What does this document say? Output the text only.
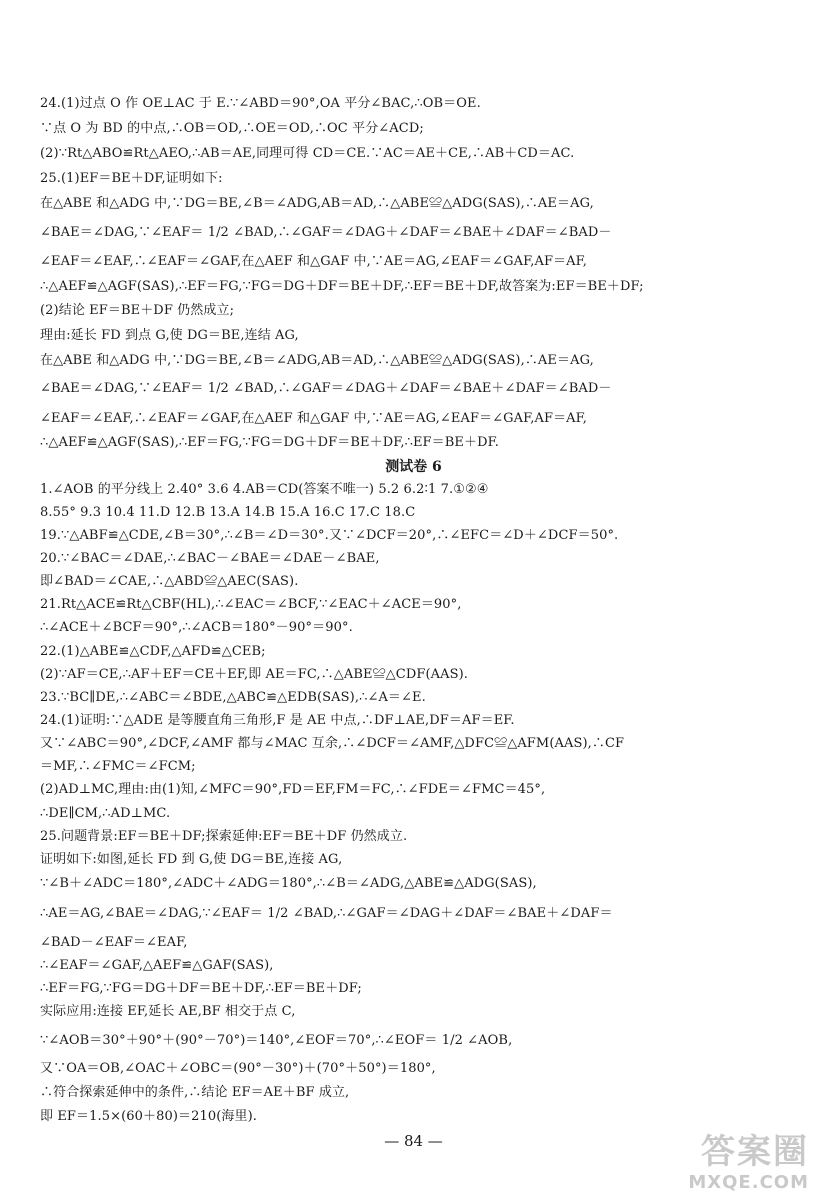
24.(1)过点 O 作 OE⊥AC 于 E.∵∠ABD＝90°,OA 平分∠BAC,∴OB＝OE.
∵点 O 为 BD 的中点,∴OB＝OD,∴OE＝OD,∴OC 平分∠ACD;
(2)∵Rt△ABO≌Rt△AEO,∴AB＝AE,同理可得 CD＝CE.∵AC＝AE＋CE,∴AB＋CD＝AC.
25.(1)EF＝BE＋DF,证明如下:
在△ABE 和△ADG 中,∵DG＝BE,∠B＝∠ADG,AB＝AD,∴△ABE≌△ADG(SAS),∴AE＝AG,
∠BAE＝∠DAG,∵∠EAF＝ 1/2 ∠BAD,∴∠GAF＝∠DAG＋∠DAF＝∠BAE＋∠DAF＝∠BAD－
∠EAF＝∠EAF,∴∠EAF＝∠GAF,在△AEF 和△GAF 中,∵AE＝AG,∠EAF＝∠GAF,AF＝AF,
∴△AEF≌△AGF(SAS),∴EF＝FG,∵FG＝DG＋DF＝BE＋DF,∴EF＝BE＋DF,故答案为:EF＝BE＋DF;
(2)结论 EF＝BE＋DF 仍然成立;
理由:延长 FD 到点 G,使 DG＝BE,连结 AG,
在△ABE 和△ADG 中,∵DG＝BE,∠B＝∠ADG,AB＝AD,∴△ABE≌△ADG(SAS),∴AE＝AG,
∠BAE＝∠DAG,∵∠EAF＝ 1/2 ∠BAD,∴∠GAF＝∠DAG＋∠DAF＝∠BAE＋∠DAF＝∠BAD－
∠EAF＝∠EAF,∴∠EAF＝∠GAF,在△AEF 和△GAF 中,∵AE＝AG,∠EAF＝∠GAF,AF＝AF,
∴△AEF≌△AGF(SAS),∴EF＝FG,∵FG＝DG＋DF＝BE＋DF,∴EF＝BE＋DF.
测试卷 6
1.∠AOB 的平分线上 2.40° 3.6 4.AB＝CD(答案不唯一) 5.2 6.2∶1 7.①②④
8.55° 9.3 10.4 11.D 12.B 13.A 14.B 15.A 16.C 17.C 18.C
19.∵△ABF≌△CDE,∠B＝30°,∴∠B＝∠D＝30°.又∵∠DCF＝20°,∴∠EFC＝∠D＋∠DCF＝50°.
20.∵∠BAC＝∠DAE,∴∠BAC－∠BAE＝∠DAE－∠BAE,
即∠BAD＝∠CAE,∴△ABD≌△AEC(SAS).
21.Rt△ACE≌Rt△CBF(HL),∴∠EAC＝∠BCF,∵∠EAC＋∠ACE＝90°,
∴∠ACE＋∠BCF＝90°,∴∠ACB＝180°－90°＝90°.
22.(1)△ABE≌△CDF,△AFD≌△CEB;
(2)∵AF＝CE,∴AF＋EF＝CE＋EF,即 AE＝FC,∴△ABE≌△CDF(AAS).
23.∵BC∥DE,∴∠ABC＝∠BDE,△ABC≌△EDB(SAS),∴∠A＝∠E.
24.(1)证明:∵△ADE 是等腰直角三角形,F 是 AE 中点,∴DF⊥AE,DF＝AF＝EF.
又∵∠ABC＝90°,∠DCF,∠AMF 都与∠MAC 互余,∴∠DCF＝∠AMF,△DFC≌△AFM(AAS),∴CF
＝MF,∴∠FMC＝∠FCM;
(2)AD⊥MC,理由:由(1)知,∠MFC＝90°,FD＝EF,FM＝FC,∴∠FDE＝∠FMC＝45°,
∴DE∥CM,∴AD⊥MC.
25.问题背景:EF＝BE＋DF;探索延伸:EF＝BE＋DF 仍然成立.
证明如下:如图,延长 FD 到 G,使 DG＝BE,连接 AG,
∵∠B＋∠ADC＝180°,∠ADC＋∠ADG＝180°,∴∠B＝∠ADG,△ABE≌△ADG(SAS),
∴AE＝AG,∠BAE＝∠DAG,∵∠EAF＝ 1/2 ∠BAD,∴∠GAF＝∠DAG＋∠DAF＝∠BAE＋∠DAF＝
∠BAD－∠EAF＝∠EAF,
∴∠EAF＝∠GAF,△AEF≌△GAF(SAS),
∴EF＝FG,∵FG＝DG＋DF＝BE＋DF,∴EF＝BE＋DF;
实际应用:连接 EF,延长 AE,BF 相交于点 C,
∵∠AOB＝30°＋90°＋(90°－70°)＝140°,∠EOF＝70°,∴∠EOF＝ 1/2 ∠AOB,
又∵OA＝OB,∠OAC＋∠OBC＝(90°－30°)＋(70°＋50°)＝180°,
∴符合探索延伸中的条件,∴结论 EF＝AE＋BF 成立,
即 EF＝1.5×(60＋80)＝210(海里).
— 84 —	答案圈
MXQE.COM
